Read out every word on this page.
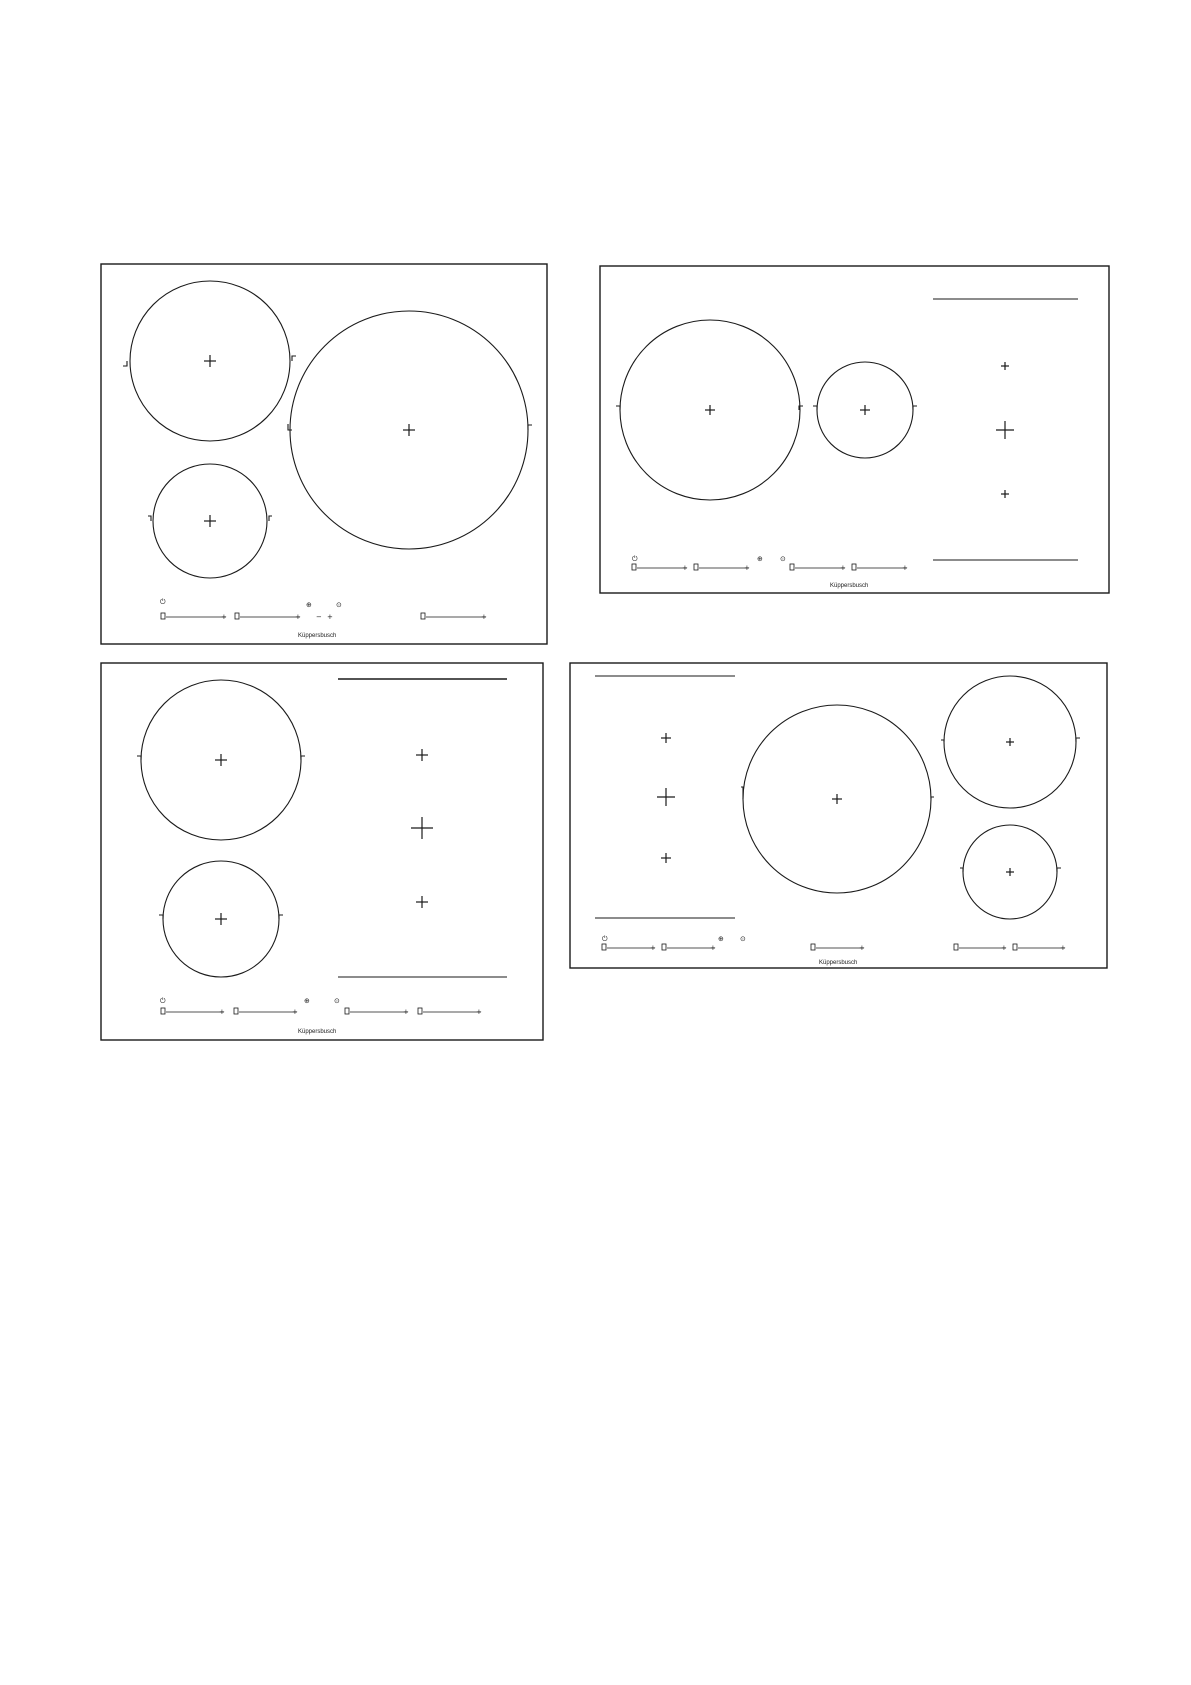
⏻	⊕	⊙
− +
+	+	+
Küppersbusch
⏻	⊕ ⊙
+	+	+	+
Küppersbusch
⏻	⊕	⊙
+	+	+	+
Küppersbusch
⏻	⊕ ⊙
+	+	+	+	+
Küppersbusch
